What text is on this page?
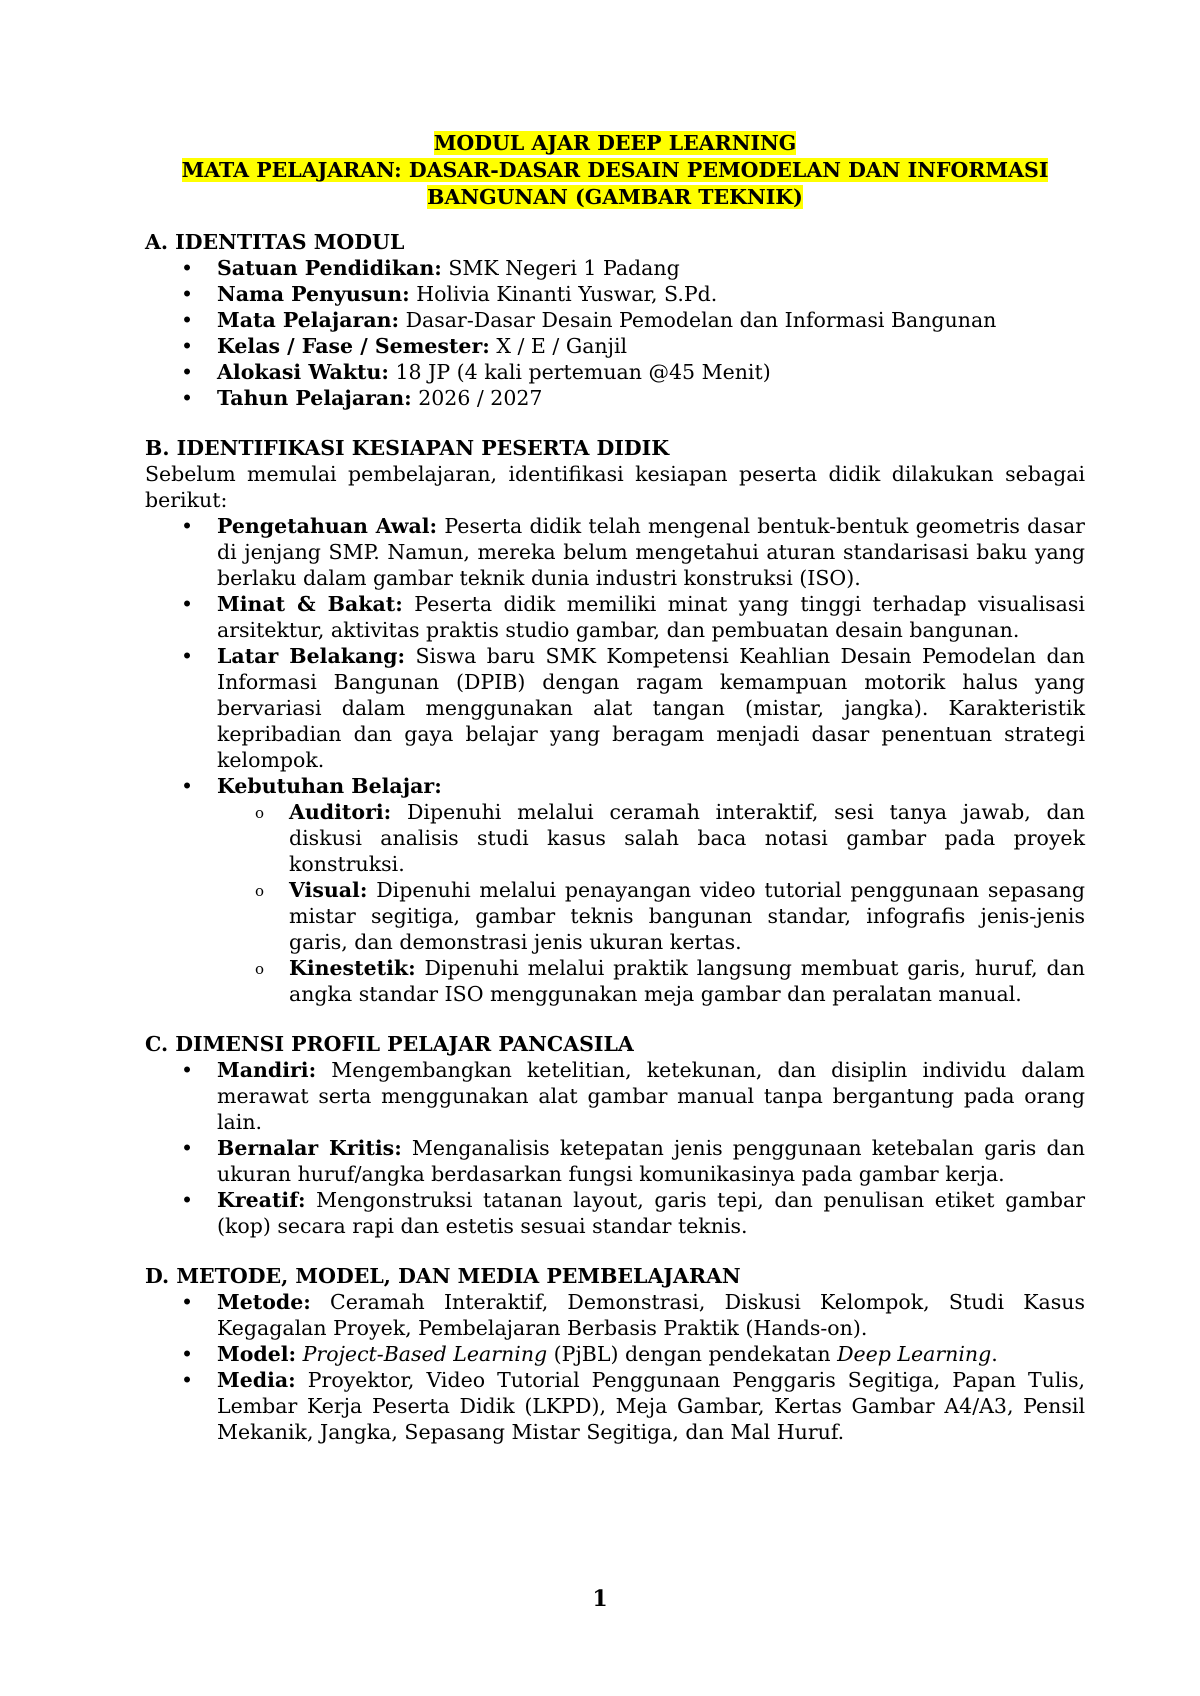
MODUL AJAR DEEP LEARNING
MATA PELAJARAN: DASAR-DASAR DESAIN PEMODELAN DAN INFORMASI
BANGUNAN (GAMBAR TEKNIK)
A. IDENTITAS MODUL
• Satuan Pendidikan: SMK Negeri 1 Padang
• Nama Penyusun: Holivia Kinanti Yuswar, S.Pd.
• Mata Pelajaran: Dasar-Dasar Desain Pemodelan dan Informasi Bangunan
• Kelas / Fase / Semester: X / E / Ganjil
• Alokasi Waktu: 18 JP (4 kali pertemuan @45 Menit)
• Tahun Pelajaran: 2026 / 2027
B. IDENTIFIKASI KESIAPAN PESERTA DIDIK
Sebelum memulai pembelajaran, identifikasi kesiapan peserta didik dilakukan sebagai berikut:
• Pengetahuan Awal: Peserta didik telah mengenal bentuk-bentuk geometris dasar di jenjang SMP. Namun, mereka belum mengetahui aturan standarisasi baku yang berlaku dalam gambar teknik dunia industri konstruksi (ISO).
• Minat & Bakat: Peserta didik memiliki minat yang tinggi terhadap visualisasi arsitektur, aktivitas praktis studio gambar, dan pembuatan desain bangunan.
• Latar Belakang: Siswa baru SMK Kompetensi Keahlian Desain Pemodelan dan Informasi Bangunan (DPIB) dengan ragam kemampuan motorik halus yang bervariasi dalam menggunakan alat tangan (mistar, jangka). Karakteristik kepribadian dan gaya belajar yang beragam menjadi dasar penentuan strategi kelompok.
• Kebutuhan Belajar:
o Auditori: Dipenuhi melalui ceramah interaktif, sesi tanya jawab, dan diskusi analisis studi kasus salah baca notasi gambar pada proyek konstruksi.
o Visual: Dipenuhi melalui penayangan video tutorial penggunaan sepasang mistar segitiga, gambar teknis bangunan standar, infografis jenis-jenis garis, dan demonstrasi jenis ukuran kertas.
o Kinestetik: Dipenuhi melalui praktik langsung membuat garis, huruf, dan angka standar ISO menggunakan meja gambar dan peralatan manual.
C. DIMENSI PROFIL PELAJAR PANCASILA
• Mandiri: Mengembangkan ketelitian, ketekunan, dan disiplin individu dalam merawat serta menggunakan alat gambar manual tanpa bergantung pada orang lain.
• Bernalar Kritis: Menganalisis ketepatan jenis penggunaan ketebalan garis dan ukuran huruf/angka berdasarkan fungsi komunikasinya pada gambar kerja.
• Kreatif: Mengonstruksi tatanan layout, garis tepi, dan penulisan etiket gambar (kop) secara rapi dan estetis sesuai standar teknis.
D. METODE, MODEL, DAN MEDIA PEMBELAJARAN
• Metode: Ceramah Interaktif, Demonstrasi, Diskusi Kelompok, Studi Kasus Kegagalan Proyek, Pembelajaran Berbasis Praktik (Hands-on).
• Model: Project-Based Learning (PjBL) dengan pendekatan Deep Learning.
• Media: Proyektor, Video Tutorial Penggunaan Penggaris Segitiga, Papan Tulis, Lembar Kerja Peserta Didik (LKPD), Meja Gambar, Kertas Gambar A4/A3, Pensil Mekanik, Jangka, Sepasang Mistar Segitiga, dan Mal Huruf.
1
